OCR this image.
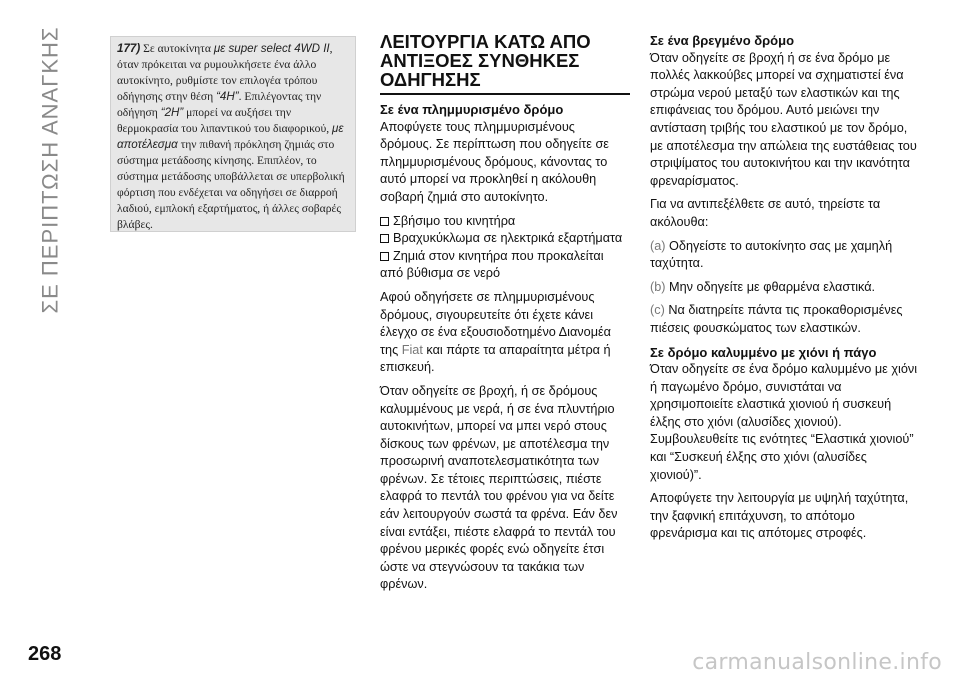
ΣΕ ΠΕΡΙΠΤΩΣΗ ΑΝΑΓΚΗΣ	177) Σε αυτοκίνητα με super select 4WD II, όταν πρόκειται να ρυμουλκήσετε ένα άλλο αυτοκίνητο, ρυθμίστε τον επιλογέα τρόπου οδήγησης στην θέση “4H”. Επιλέγοντας την οδήγηση “2H” μπορεί να αυξήσει την θερμοκρασία του λιπαντικού του διαφορικού, με αποτέλεσμα την πιθανή πρόκληση ζημιάς στο σύστημα μετάδοσης κίνησης. Επιπλέον, το σύστημα μετάδοσης υποβάλλεται σε υπερβολική φόρτιση που ενδέχεται να οδηγήσει σε διαρροή λαδιού, εμπλοκή εξαρτήματος, ή άλλες σοβαρές βλάβες.
ΛΕΙΤΟΥΡΓΙΑ ΚΑΤΩ ΑΠΟ ΑΝΤΙΞΟΕΣ ΣΥΝΘΗΚΕΣ ΟΔΗΓΗΣΗΣ

Σε ένα πλημμυρισμένο δρόμο

Αποφύγετε τους πλημμυρισμένους δρόμους. Σε περίπτωση που οδηγείτε σε πλημμυρισμένους δρόμους, κάνοντας το αυτό μπορεί να προκληθεί η ακόλουθη σοβαρή ζημιά στο αυτοκίνητο.

Σβήσιμο του κινητήρα

Βραχυκύκλωμα σε ηλεκτρικά εξαρτήματα

Ζημιά στον κινητήρα που προκαλείται από βύθισμα σε νερό

Αφού οδηγήσετε σε πλημμυρισμένους δρόμους, σιγουρευτείτε ότι έχετε κάνει έλεγχο σε ένα εξουσιοδοτημένο Διανομέα της Fiat και πάρτε τα απαραίτητα μέτρα ή επισκευή.

Όταν οδηγείτε σε βροχή, ή σε δρόμους καλυμμένους με νερά, ή σε ένα πλυντήριο αυτοκινήτων, μπορεί να μπει νερό στους δίσκους των φρένων, με αποτέλεσμα την προσωρινή αναποτελεσματικότητα των φρένων. Σε τέτοιες περιπτώσεις, πιέστε ελαφρά το πεντάλ του φρένου για να δείτε εάν λειτουργούν σωστά τα φρένα. Εάν δεν είναι εντάξει, πιέστε ελαφρά το πεντάλ του φρένου μερικές φορές ενώ οδηγείτε έτσι ώστε να στεγνώσουν τα τακάκια των φρένων.

Σε ένα βρεγμένο δρόμο

Όταν οδηγείτε σε βροχή ή σε ένα δρόμο με πολλές λακκούβες μπορεί να σχηματιστεί ένα στρώμα νερού μεταξύ των ελαστικών και της επιφάνειας του δρόμου. Αυτό μειώνει την αντίσταση τριβής του ελαστικού με τον δρόμο, με αποτέλεσμα την απώλεια της ευστάθειας του στριψίματος του αυτοκινήτου και την ικανότητα φρεναρίσματος.

Για να αντιπεξέλθετε σε αυτό, τηρείστε τα ακόλουθα:

(a) Οδηγείστε το αυτοκίνητο σας με χαμηλή ταχύτητα.

(b) Μην οδηγείτε με φθαρμένα ελαστικά.

(c) Να διατηρείτε πάντα τις προκαθορισμένες πιέσεις φουσκώματος των ελαστικών.

Σε δρόμο καλυμμένο με χιόνι ή πάγο

Όταν οδηγείτε σε ένα δρόμο καλυμμένο με χιόνι ή παγωμένο δρόμο, συνιστάται να χρησιμοποιείτε ελαστικά χιονιού ή συσκευή έλξης στο χιόνι (αλυσίδες χιονιού). Συμβουλευθείτε τις ενότητες “Ελαστικά χιονιού” και “Συσκευή έλξης στο χιόνι (αλυσίδες χιονιού)”.

Αποφύγετε την λειτουργία με υψηλή ταχύτητα, την ξαφνική επιτάχυνση, το απότομο φρενάρισμα και τις απότομες στροφές.

268	carmanualsonline.info
